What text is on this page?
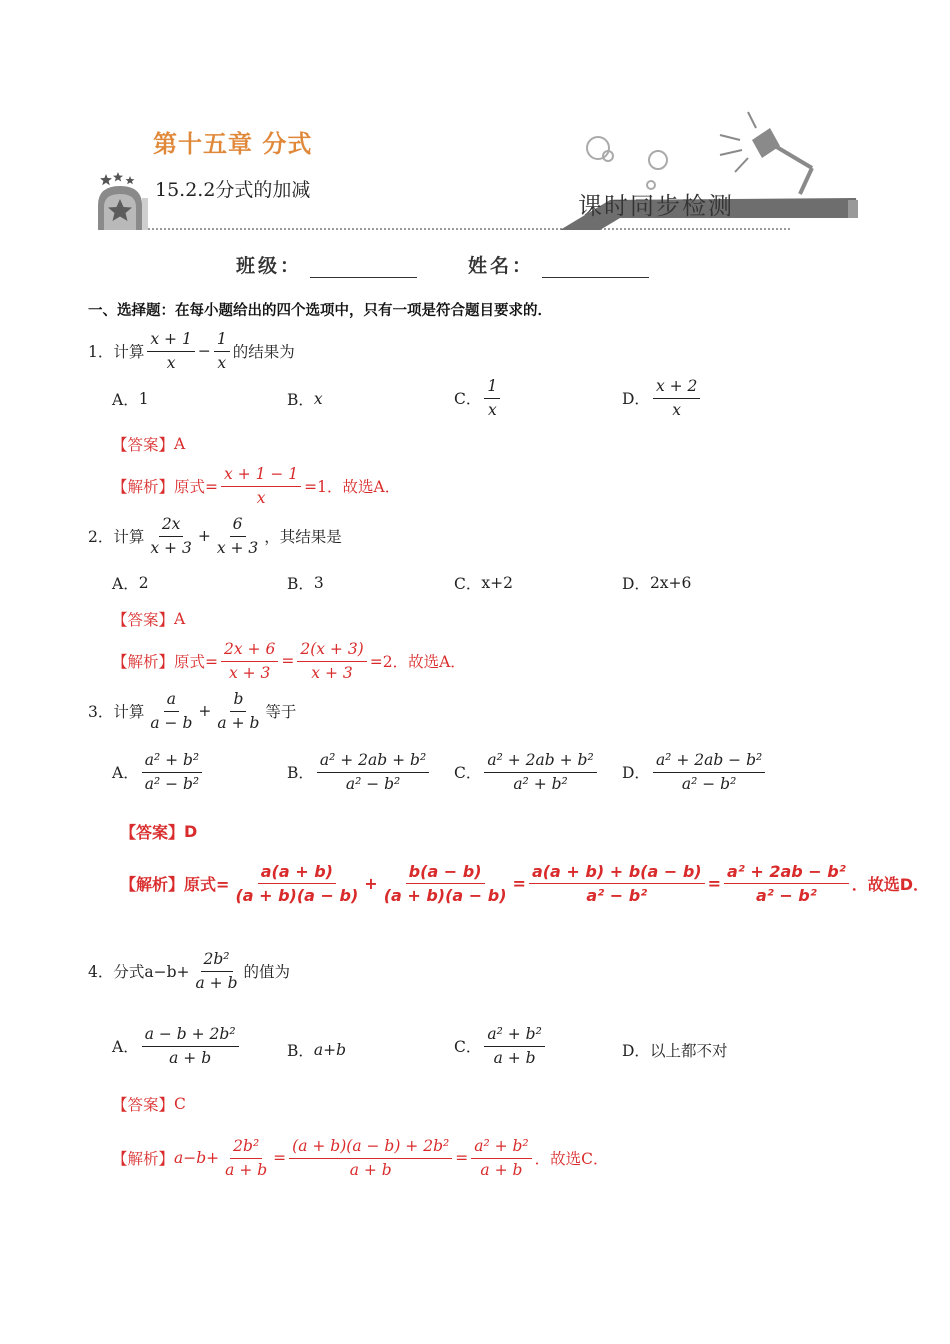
第十五章 分式
15.2.2分式的加减
课时同步检测
班级：	姓名：
一、选择题：在每小题给出的四个选项中，只有一项是符合题目要求的．
1． 计算 $\frac{x + 1}{x} - \frac{1}{x}$ 的结果为
A． 1	B． x	C． $\frac{1}{x}$	D． $\frac{x + 2}{x}$
【答案】 A
【解析】 原式= $\frac{x + 1 - 1}{x} =1$．故选A．
2． 计算 $\frac{2x}{x + 3} + \frac{6}{x + 3}$ ，其结果是
A． 2	B． 3	C． x+2	D． 2x+6
【答案】 A
【解析】 原式= $\frac{2x + 6}{x + 3} = \frac{2(x + 3)}{x + 3} =2$．故选A．
3． 计算 $\frac{a}{a - b} + \frac{b}{a + b}$ 等于
A． $\frac{\text{a² + b²}}{\text{a² − b²}}$	B． $\frac{\text{a² + 2ab + b²}}{\text{a² − b²}}$ C． $\frac{\text{a² + 2ab + b²}}{\text{a² + b²}}$ D． $\frac{\text{a² + 2ab − b²}}{\text{a² − b²}}$
【答案】 D
【解析】 原式= $\frac{a(a + b)}{(a + b)(a - b)} + \frac{b(a - b)}{(a + b)(a - b)} = \frac{a(a + b) + b(a - b)}{\text{a² − b²}} = \frac{\text{a² + 2ab − b²}}{\text{a² − b²}}$ ．故选D．
4． 分式$a-b+ \frac{\text{2b²}}{a + b}$ 的值为
A． $\frac{\text{a − b + 2b²}}{a + b}$	B． a+b	C． $\frac{\text{a² + b²}}{a + b}$	D． 以上都不对
【答案】 C
【解析】 $a-b+ \frac{\text{2b²}}{a + b} = \frac{\text{(a + b)(a − b) + 2b²}}{a + b} = \frac{\text{a² + b²}}{a + b}$ ．故选C．
